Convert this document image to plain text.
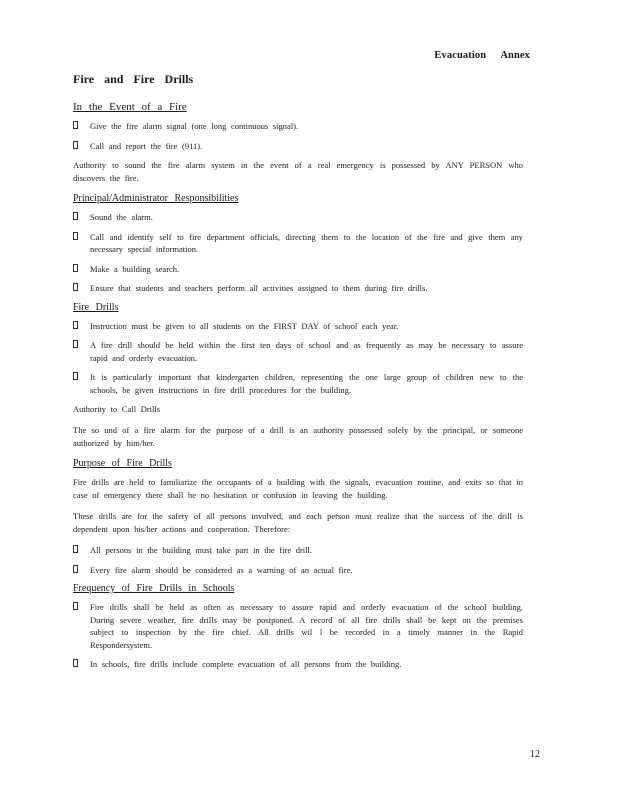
Evacuation Annex
Fire and Fire Drills
In the Event of a Fire
Give the fire alarm signal (one long continuous signal).
Call and report the fire (911).
Authority to sound the fire alarm system in the event of a real emergency is possessed by ANY PERSON who discovers the fire.
Principal/Administrator Responsibilities
Sound the alarm.
Call and identify self to fire department officials, directing them to the location of the fire and give them any necessary special information.
Make a building search.
Ensure that students and teachers perform all activities assigned to them during fire drills.
Fire Drills
Instruction must be given to all students on the FIRST DAY of school each year.
A fire drill should be held within the first ten days of school and as frequently as may be necessary to assure rapid and orderly evacuation.
It is particularly important that kindergarten children, representing the one large group of children new to the schools, be given instructions in fire drill procedures for the building.
Authority to Call Drills
The so und of a fire alarm for the purpose of a drill is an authority possessed solely by the principal, or someone authorized by him/her.
Purpose of Fire Drills
Fire drills are held to familiarize the occupants of a building with the signals, evacuation routine, and exits so that in case of emergency there shall be no hesitation or confusion in leaving the building.
These drills are for the safety of all persons involved, and each person must realize that the success of the drill is dependent upon his/her actions and cooperation. Therefore:
All persons in the building must take part in the fire drill.
Every fire alarm should be considered as a warning of an actual fire.
Frequency of Fire Drills in Schools
Fire drills shall be held as often as necessary to assure rapid and orderly evacuation of the school building. During severe weather, fire drills may be postponed. A record of all fire drills shall be kept on the premises subject to inspection by the fire chief. All drills wil l be recorded in a timely manner in the Rapid Respondersystem.
In schools, fire drills include complete evacuation of all persons from the building.
12
